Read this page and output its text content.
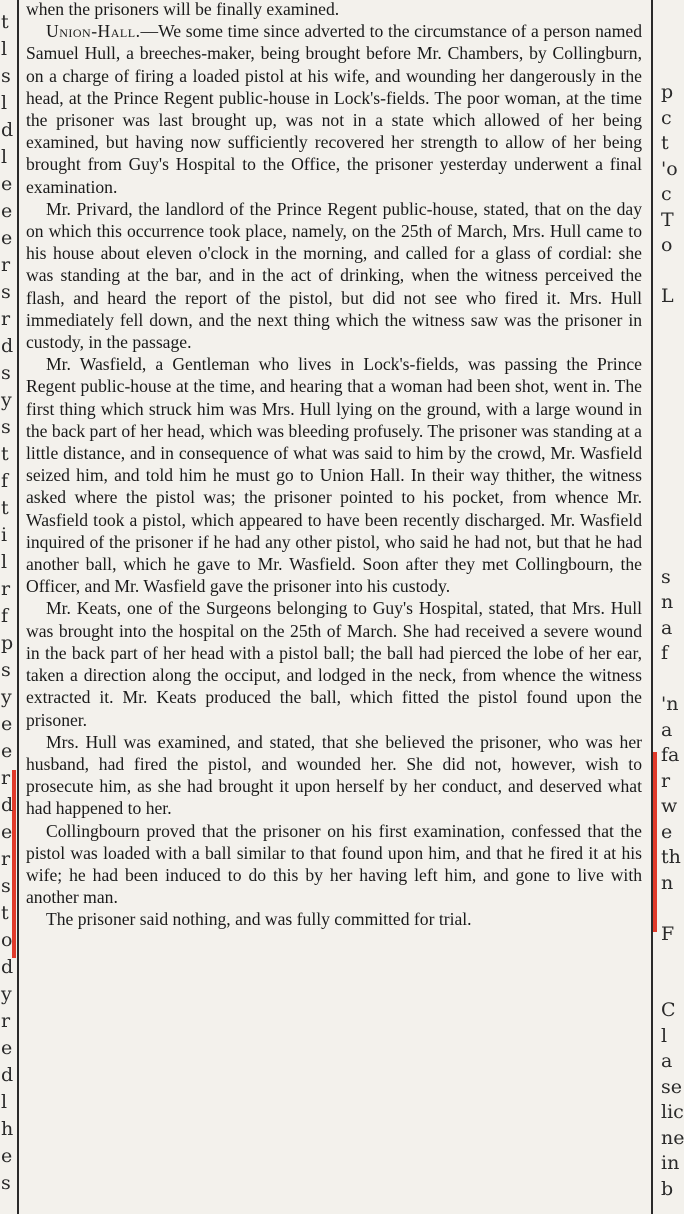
t
l
s
l
d
l
e
e
e
r
s
r
d
s
y
s
t
f
t
i
l
r
f
p
s
y
e
e
r
d
e
r
s
t
o
d
y
r
e
d
l
h
e
s
p
c
t
'o
c
T
o
L
s
n
a
f
'n
a
fa
r
w
e
th
n
F
C
l
a
se
lic
ne
in
b

when the prisoners will be finally examined.

Union-Hall.—We some time since adverted to the circumstance of a person named Samuel Hull, a breeches-maker, being brought before Mr. Chambers, by Collingburn, on a charge of firing a loaded pistol at his wife, and wounding her dangerously in the head, at the Prince Regent public-house in Lock's-fields. The poor woman, at the time the prisoner was last brought up, was not in a state which allowed of her being examined, but having now sufficiently recovered her strength to allow of her being brought from Guy's Hospital to the Office, the prisoner yesterday underwent a final examination.

Mr. Privard, the landlord of the Prince Regent public-house, stated, that on the day on which this occurrence took place, namely, on the 25th of March, Mrs. Hull came to his house about eleven o'clock in the morning, and called for a glass of cordial: she was standing at the bar, and in the act of drinking, when the witness perceived the flash, and heard the report of the pistol, but did not see who fired it. Mrs. Hull immediately fell down, and the next thing which the witness saw was the prisoner in custody, in the passage.

Mr. Wasfield, a Gentleman who lives in Lock's-fields, was passing the Prince Regent public-house at the time, and hearing that a woman had been shot, went in. The first thing which struck him was Mrs. Hull lying on the ground, with a large wound in the back part of her head, which was bleeding profusely. The prisoner was standing at a little distance, and in consequence of what was said to him by the crowd, Mr. Wasfield seized him, and told him he must go to Union Hall. In their way thither, the witness asked where the pistol was; the prisoner pointed to his pocket, from whence Mr. Wasfield took a pistol, which appeared to have been recently discharged. Mr. Wasfield inquired of the prisoner if he had any other pistol, who said he had not, but that he had another ball, which he gave to Mr. Wasfield. Soon after they met Collingbourn, the Officer, and Mr. Wasfield gave the prisoner into his custody.

Mr. Keats, one of the Surgeons belonging to Guy's Hospital, stated, that Mrs. Hull was brought into the hospital on the 25th of March. She had received a severe wound in the back part of her head with a pistol ball; the ball had pierced the lobe of her ear, taken a direction along the occiput, and lodged in the neck, from whence the witness extracted it. Mr. Keats produced the ball, which fitted the pistol found upon the prisoner.

Mrs. Hull was examined, and stated, that she believed the prisoner, who was her husband, had fired the pistol, and wounded her. She did not, however, wish to prosecute him, as she had brought it upon herself by her conduct, and deserved what had happened to her.

Collingbourn proved that the prisoner on his first examination, confessed that the pistol was loaded with a ball similar to that found upon him, and that he fired it at his wife; he had been induced to do this by her having left him, and gone to live with another man.

The prisoner said nothing, and was fully committed for trial.
